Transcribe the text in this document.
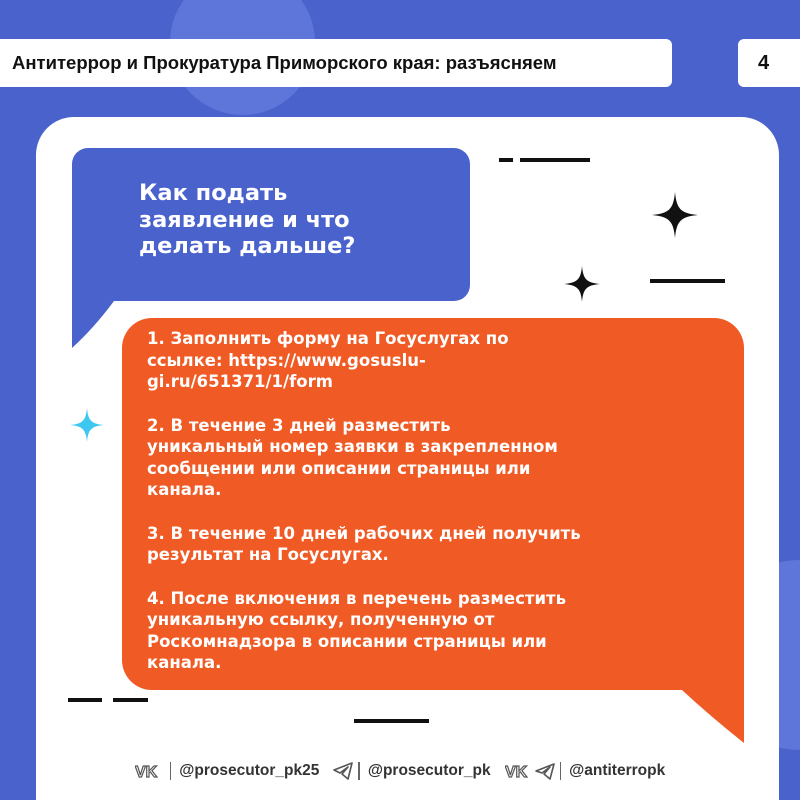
Антитеррор и Прокуратура Приморского края: разъясняем	4
Как подать
заявление и что
делать дальше?

1. Заполнить форму на Госуслугах по
ссылке: https://www.gosuslu-
gi.ru/651371/1/form

2. В течение 3 дней разместить
уникальный номер заявки в закрепленном
сообщении или описании страницы или
канала.

3. В течение 10 дней рабочих дней получить
результат на Госуслугах.

4. После включения в перечень разместить
уникальную ссылку, полученную от
Роскомнадзора в описании страницы или
канала.

VK @prosecutor_pk25	@prosecutor_pk VK	@antiterropk
